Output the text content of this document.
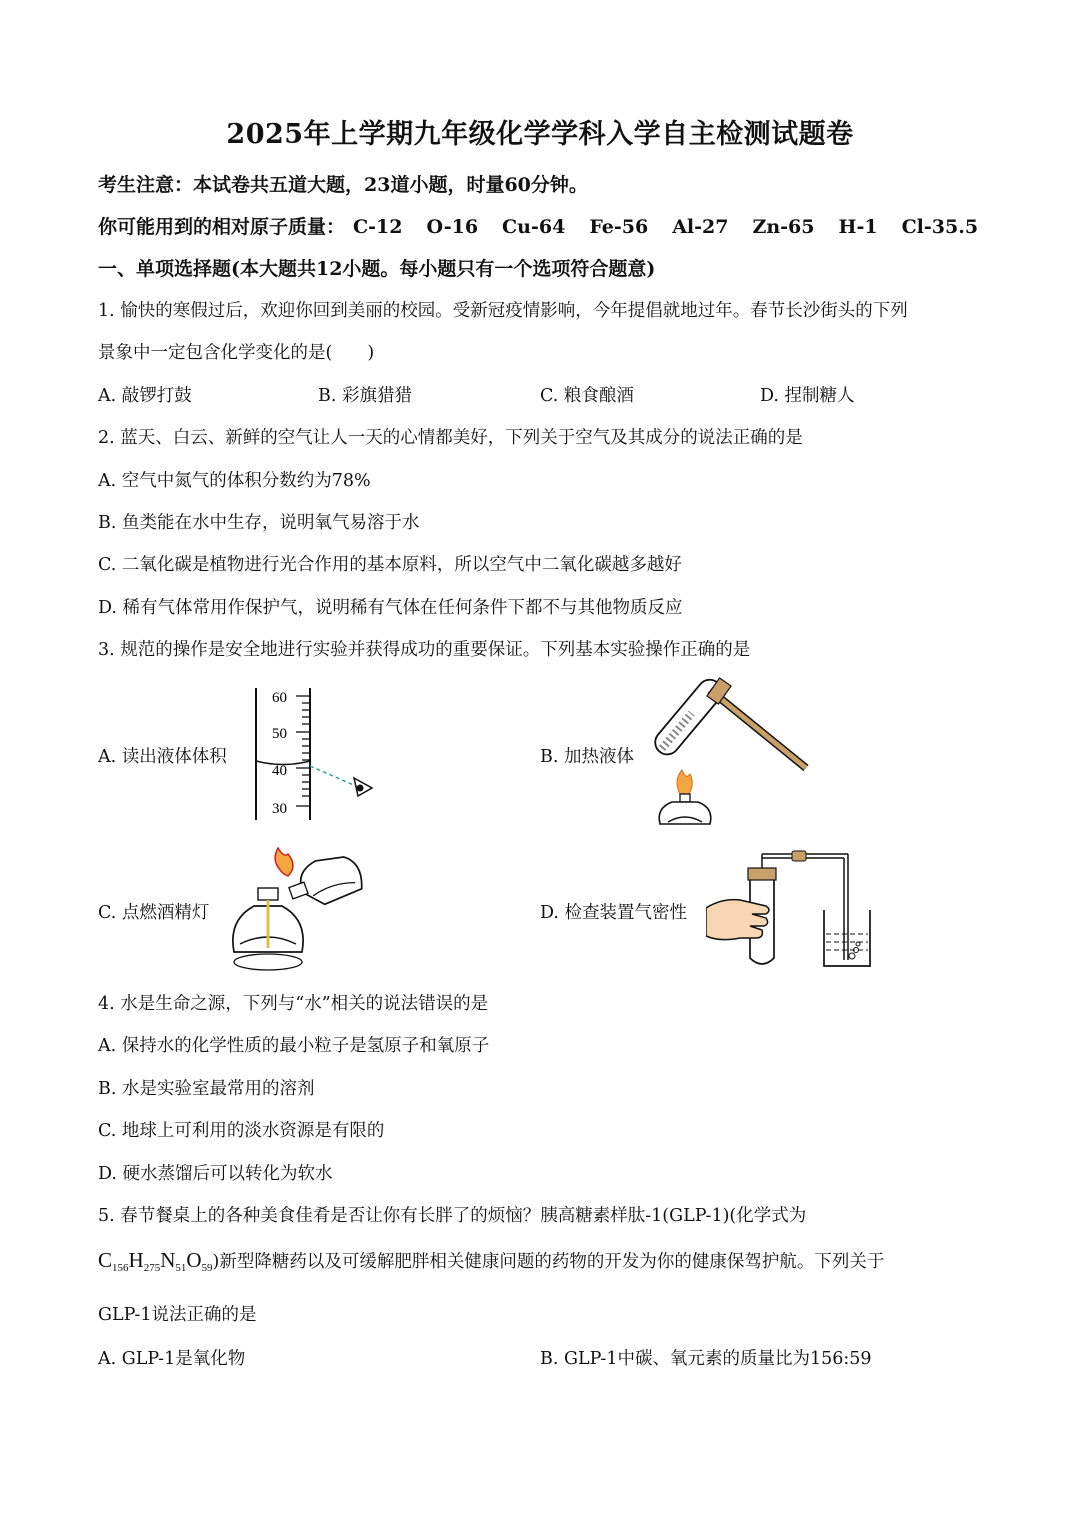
2025年上学期九年级化学学科入学自主检测试题卷
考生注意：本试卷共五道大题，23道小题，时量60分钟。
你可能用到的相对原子质量： C-12 O-16 Cu-64 Fe-56 Al-27 Zn-65 H-1 Cl-35.5
一、单项选择题(本大题共12小题。每小题只有一个选项符合题意)
1. 愉快的寒假过后，欢迎你回到美丽的校园。受新冠疫情影响，今年提倡就地过年。春节长沙街头的下列
景象中一定包含化学变化的是(　　)
A. 敲锣打鼓	B. 彩旗猎猎	C. 粮食酿酒	D. 捏制糖人
2. 蓝天、白云、新鲜的空气让人一天的心情都美好，下列关于空气及其成分的说法正确的是
A. 空气中氮气的体积分数约为78%
B. 鱼类能在水中生存，说明氧气易溶于水
C. 二氧化碳是植物进行光合作用的基本原料，所以空气中二氧化碳越多越好
D. 稀有气体常用作保护气，说明稀有气体在任何条件下都不与其他物质反应
3. 规范的操作是安全地进行实验并获得成功的重要保证。下列基本实验操作正确的是
A. 读出液体体积	B. 加热液体
C. 点燃酒精灯	D. 检查装置气密性
60
50
40
30
4. 水是生命之源，下列与“水”相关的说法错误的是
A. 保持水的化学性质的最小粒子是氢原子和氧原子
B. 水是实验室最常用的溶剂
C. 地球上可利用的淡水资源是有限的
D. 硬水蒸馏后可以转化为软水
5. 春节餐桌上的各种美食佳肴是否让你有长胖了的烦恼？胰高糖素样肽-1(GLP-1)(化学式为
$C_{156}H_{275}N_{51}O_{59}$)新型降糖药以及可缓解肥胖相关健康问题的药物的开发为你的健康保驾护航。下列关于
GLP-1说法正确的是
A. GLP-1是氧化物	B. GLP-1中碳、氧元素的质量比为156:59
